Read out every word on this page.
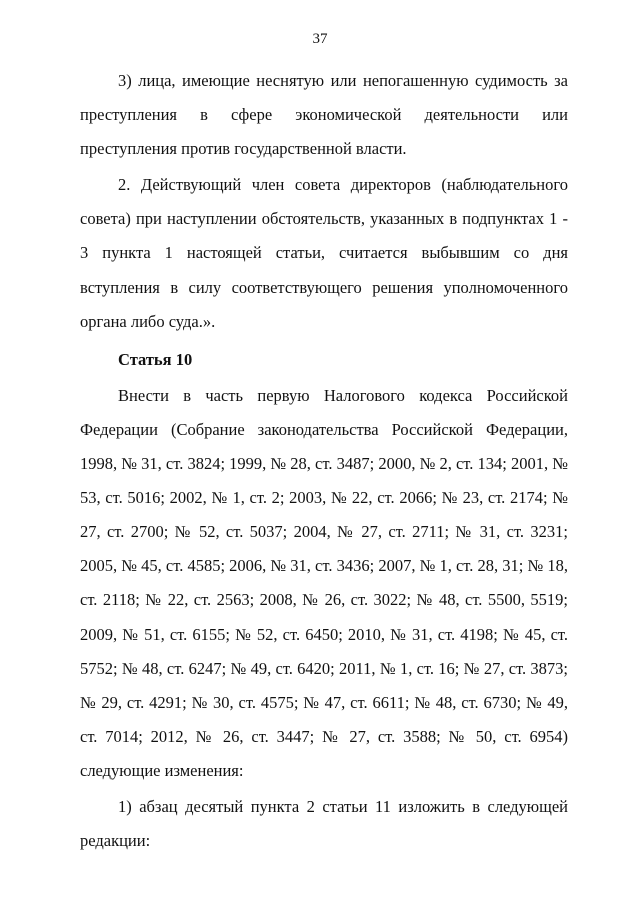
37

3) лица, имеющие неснятую или непогашенную судимость за преступления в сфере экономической деятельности или преступления против государственной власти.

2. Действующий член совета директоров (наблюдательного совета) при наступлении обстоятельств, указанных в подпунктах 1 - 3 пункта 1 настоящей статьи, считается выбывшим со дня вступления в силу соответствующего решения уполномоченного органа либо суда.».

Статья 10

Внести в часть первую Налогового кодекса Российской Федерации (Собрание законодательства Российской Федерации, 1998, № 31, ст. 3824; 1999, № 28, ст. 3487; 2000, № 2, ст. 134; 2001, № 53, ст. 5016; 2002, № 1, ст. 2; 2003, № 22, ст. 2066; № 23, ст. 2174; № 27, ст. 2700; № 52, ст. 5037; 2004, № 27, ст. 2711; № 31, ст. 3231; 2005, № 45, ст. 4585; 2006, № 31, ст. 3436; 2007, № 1, ст. 28, 31; № 18, ст. 2118; № 22, ст. 2563; 2008, № 26, ст. 3022; № 48, ст. 5500, 5519; 2009, № 51, ст. 6155; № 52, ст. 6450; 2010, № 31, ст. 4198; № 45, ст. 5752; № 48, ст. 6247; № 49, ст. 6420; 2011, № 1, ст. 16; № 27, ст. 3873; № 29, ст. 4291; № 30, ст. 4575; № 47, ст. 6611; № 48, ст. 6730; № 49, ст. 7014; 2012, № 26, ст. 3447; № 27, ст. 3588; № 50, ст. 6954) следующие изменения:

1) абзац десятый пункта 2 статьи 11 изложить в следующей редакции:
